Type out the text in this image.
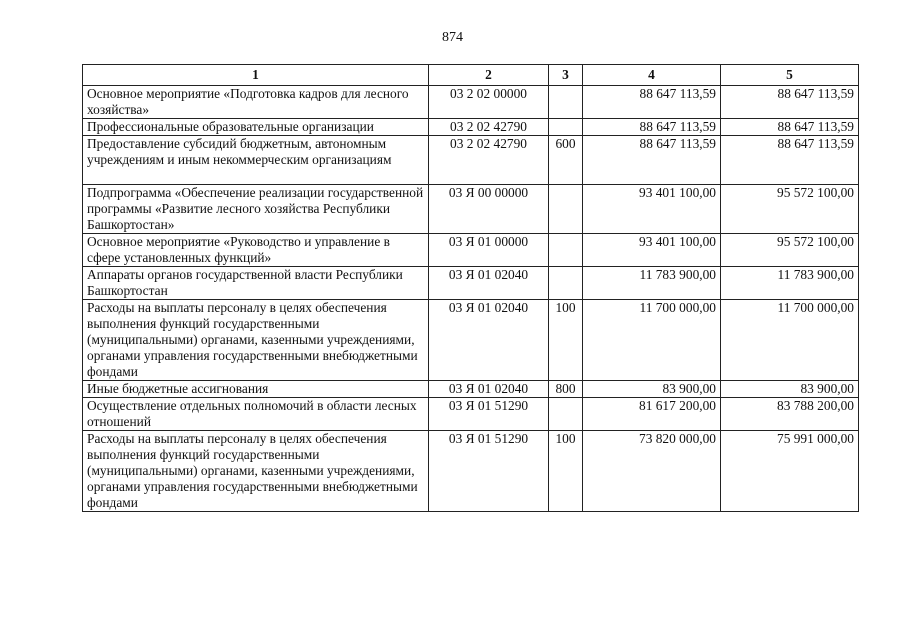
874
1	2	3	4	5
Основное мероприятие «Подготовка кадров для лесного хозяйства»	03 2 02 00000		88 647 113,59	88 647 113,59
Профессиональные образовательные организации	03 2 02 42790		88 647 113,59	88 647 113,59
Предоставление субсидий бюджетным, автономным учреждениям и иным некоммерческим организациям	03 2 02 42790	600	88 647 113,59	88 647 113,59
Подпрограмма «Обеспечение реализации государственной программы «Развитие лесного хозяйства Республики Башкортостан»	03 Я 00 00000		93 401 100,00	95 572 100,00
Основное мероприятие «Руководство и управление в сфере установленных функций»	03 Я 01 00000		93 401 100,00	95 572 100,00
Аппараты органов государственной власти Республики Башкортостан	03 Я 01 02040		11 783 900,00	11 783 900,00
Расходы на выплаты персоналу в целях обеспечения выполнения функций государственными (муниципальными) органами, казенными учреждениями, органами управления государственными внебюджетными фондами	03 Я 01 02040	100	11 700 000,00	11 700 000,00
Иные бюджетные ассигнования	03 Я 01 02040	800	83 900,00	83 900,00
Осуществление отдельных полномочий в области лесных отношений	03 Я 01 51290		81 617 200,00	83 788 200,00
Расходы на выплаты персоналу в целях обеспечения выполнения функций государственными (муниципальными) органами, казенными учреждениями, органами управления государственными внебюджетными фондами	03 Я 01 51290	100	73 820 000,00	75 991 000,00
